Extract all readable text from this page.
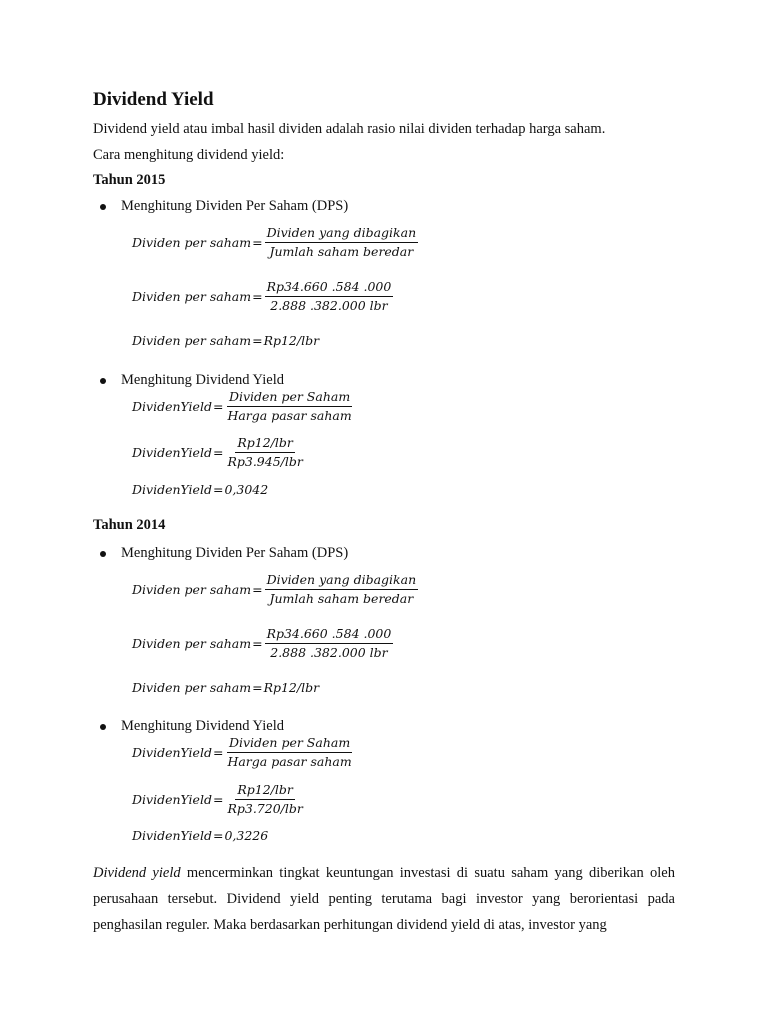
Dividend Yield
Dividend yield atau imbal hasil dividen adalah rasio nilai dividen terhadap harga saham.
Cara menghitung dividend yield:
Tahun 2015
Menghitung Dividen Per Saham (DPS)
Dividen per saham = $\frac{\text{Dividen yang dibagikan}}{\text{Jumlah saham beredar}}$
Dividen per saham = $\frac{Rp34.660 .584 .000}{\text{2.888 .382.000 lbr}}$
Dividen per saham = Rp12/lbr
Menghitung Dividend Yield
DividenYield = $\frac{\text{Dividen per Saham}}{\text{Harga pasar saham}}$
DividenYield = $\frac{\text{Rp12/lbr}}{\text{Rp3.945/lbr}}$
DividenYield = 0,3042
Tahun 2014
Menghitung Dividen Per Saham (DPS)
Dividen per saham = $\frac{\text{Dividen yang dibagikan}}{\text{Jumlah saham beredar}}$
Dividen per saham = $\frac{Rp34.660 .584 .000}{\text{2.888 .382.000 lbr}}$
Dividen per saham = Rp12/lbr
Menghitung Dividend Yield
DividenYield = $\frac{\text{Dividen per Saham}}{\text{Harga pasar saham}}$
DividenYield = $\frac{\text{Rp12/lbr}}{\text{Rp3.720/lbr}}$
DividenYield = 0,3226
Dividend yield mencerminkan tingkat keuntungan investasi di suatu saham yang diberikan oleh perusahaan tersebut. Dividend yield penting terutama bagi investor yang berorientasi pada penghasilan reguler. Maka berdasarkan perhitungan dividend yield di atas, investor yang
